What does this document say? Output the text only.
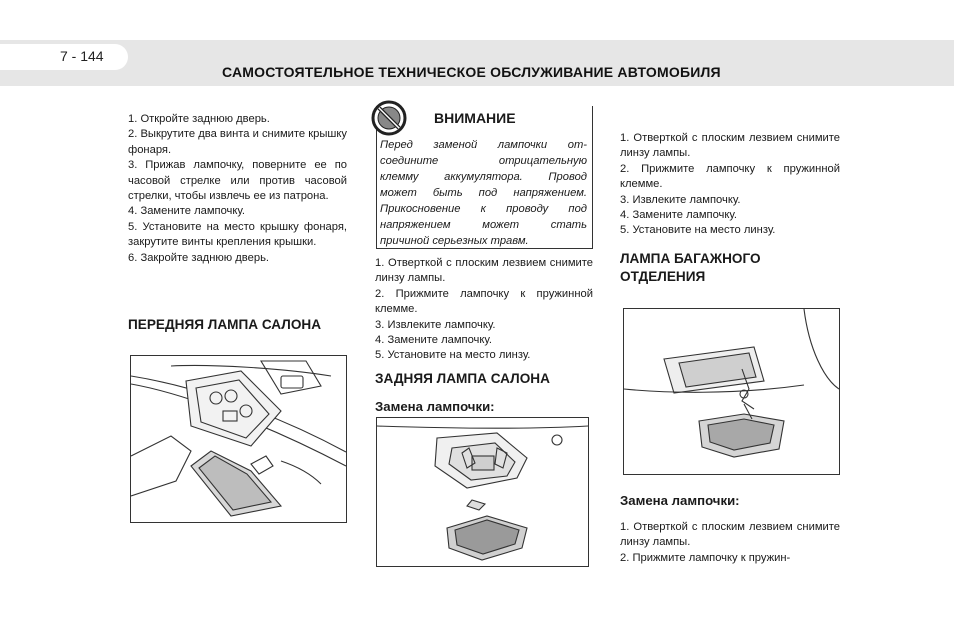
7 - 144
САМОСТОЯТЕЛЬНОЕ ТЕХНИЧЕСКОЕ ОБСЛУЖИВАНИЕ АВТОМОБИЛЯ

1. Откройте заднюю дверь.

2. Выкрутите два винта и снимите крышку фонаря.

3. Прижав лампочку, поверните ее по часовой стрелке или против часовой стрелки, чтобы извлечь ее из патрона.

4. Замените лампочку.

5. Установите на место крышку фонаря, закрутите винты крепления крышки.

6. Закройте заднюю дверь.

ПЕРЕДНЯЯ ЛАМПА САЛОНА
ВНИМАНИЕ
Перед заменой лампочки от-
соедините отрицательную
клемму аккумулятора. Провод
может быть под напряжением.
Прикосновение к проводу под
напряжением может стать
причиной серьезных травм.

1. Отверткой с плоским лезвием снимите линзу лампы.

2. Прижмите лампочку к пружинной клемме.

3. Извлеките лампочку.

4. Замените лампочку.

5. Установите на место линзу.

ЗАДНЯЯ ЛАМПА САЛОНА
Замена лампочки:

1. Отверткой с плоским лезвием снимите линзу лампы.

2. Прижмите лампочку к пружинной клемме.

3. Извлеките лампочку.

4. Замените лампочку.

5. Установите на место линзу.

ЛАМПА БАГАЖНОГО ОТДЕЛЕНИЯ
Замена лампочки:

1. Отверткой с плоским лезвием снимите линзу лампы.

2. Прижмите лампочку к пружин-
